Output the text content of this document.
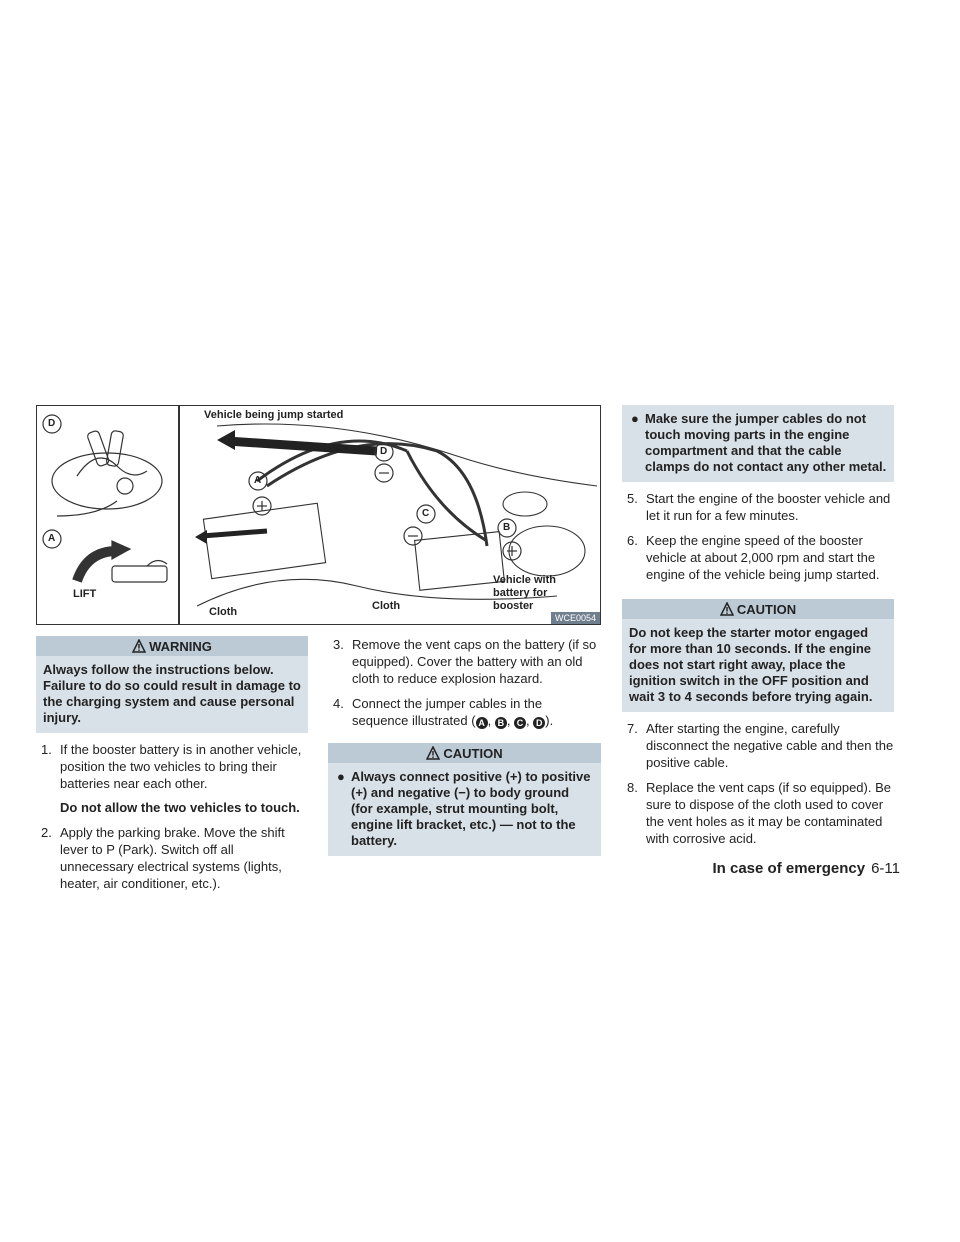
D
A
LIFT
Vehicle being jump started
A
D
C
B
Cloth	Cloth
Vehicle with battery for booster
WCE0054
WARNING
Always follow the instructions below. Failure to do so could result in damage to the charging system and cause personal injury.
1. If the booster battery is in another vehicle, position the two vehicles to bring their batteries near each other.
Do not allow the two vehicles to touch.
2. Apply the parking brake. Move the shift lever to P (Park). Switch off all unnecessary electrical systems (lights, heater, air conditioner, etc.).
3. Remove the vent caps on the battery (if so equipped). Cover the battery with an old cloth to reduce explosion hazard.
4. Connect the jumper cables in the sequence illustrated ( A , B , C , D ).
CAUTION
● Always connect positive (+) to positive (+) and negative (−) to body ground (for example, strut mounting bolt, engine lift bracket, etc.) — not to the battery.
● Make sure the jumper cables do not touch moving parts in the engine compartment and that the cable clamps do not contact any other metal.
5. Start the engine of the booster vehicle and let it run for a few minutes.
6. Keep the engine speed of the booster vehicle at about 2,000 rpm and start the engine of the vehicle being jump started.
CAUTION
Do not keep the starter motor engaged for more than 10 seconds. If the engine does not start right away, place the ignition switch in the OFF position and wait 3 to 4 seconds before trying again.
7. After starting the engine, carefully disconnect the negative cable and then the positive cable.
8. Replace the vent caps (if so equipped). Be sure to dispose of the cloth used to cover the vent holes as it may be contaminated with corrosive acid.
In case of emergency 6-11
